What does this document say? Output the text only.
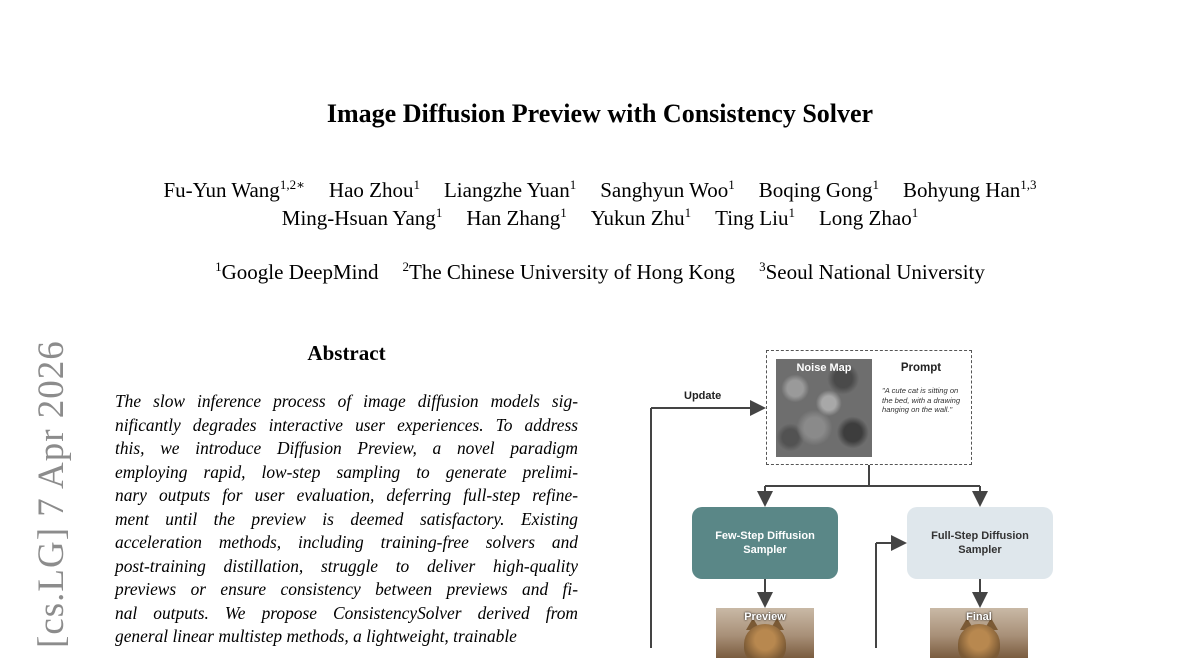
Image Diffusion Preview with Consistency Solver
Fu-Yun Wang$^{1,2∗}$ Hao Zhou$^1$ Liangzhe Yuan$^1$ Sanghyun Woo$^1$ Boqing Gong$^1$ Bohyung Han$^{1,3}$
Ming-Hsuan Yang$^1$ Han Zhang$^1$ Yukun Zhu$^1$ Ting Liu$^1$ Long Zhao$^1$
$^1$Google DeepMind $^2$The Chinese University of Hong Kong $^3$Seoul National University
[cs.LG] 7 Apr 2026	Abstract
The slow inference process of image diffusion models sig-
nificantly degrades interactive user experiences. To address
this, we introduce Diffusion Preview, a novel paradigm
employing rapid, low-step sampling to generate prelimi-
nary outputs for user evaluation, deferring full-step refine-
ment until the preview is deemed satisfactory. Existing
acceleration methods, including training-free solvers and
post-training distillation, struggle to deliver high-quality
previews or ensure consistency between previews and fi-
nal outputs. We propose ConsistencySolver derived from
general linear multistep methods, a lightweight, trainable
Noise Map	Prompt
"A cute cat is sitting on the bed, with a drawing hanging on the wall."
Update
Few-Step Diffusion Sampler
Full-Step Diffusion Sampler
Preview	Final
